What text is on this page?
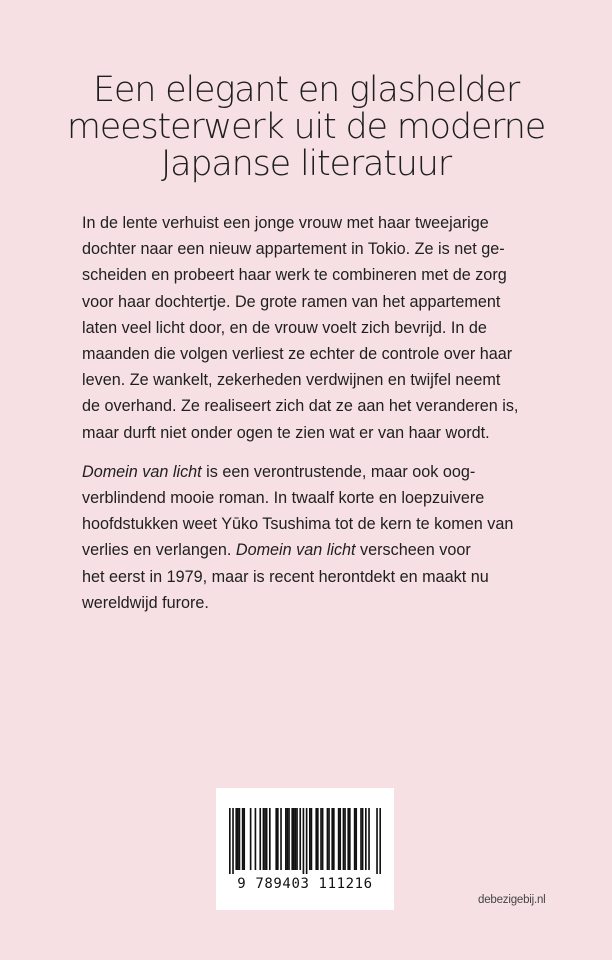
Een elegant en glashelder
meesterwerk uit de moderne
Japanse literatuur

In de lente verhuist een jonge vrouw met haar tweejarige
dochter naar een nieuw appartement in Tokio. Ze is net ge-
scheiden en probeert haar werk te combineren met de zorg
voor haar dochtertje. De grote ramen van het appartement
laten veel licht door, en de vrouw voelt zich bevrijd. In de
maanden die volgen verliest ze echter de controle over haar
leven. Ze wankelt, zekerheden verdwijnen en twijfel neemt
de overhand. Ze realiseert zich dat ze aan het veranderen is,
maar durft niet onder ogen te zien wat er van haar wordt.

Domein van licht is een verontrustende, maar ook oog-
verblindend mooie roman. In twaalf korte en loepzuivere
hoofdstukken weet Yūko Tsushima tot de kern te komen van
verlies en verlangen. Domein van licht verscheen voor
het eerst in 1979, maar is recent herontdekt en maakt nu
wereldwijd furore.

9 789403 111216
debezigebij.nl
